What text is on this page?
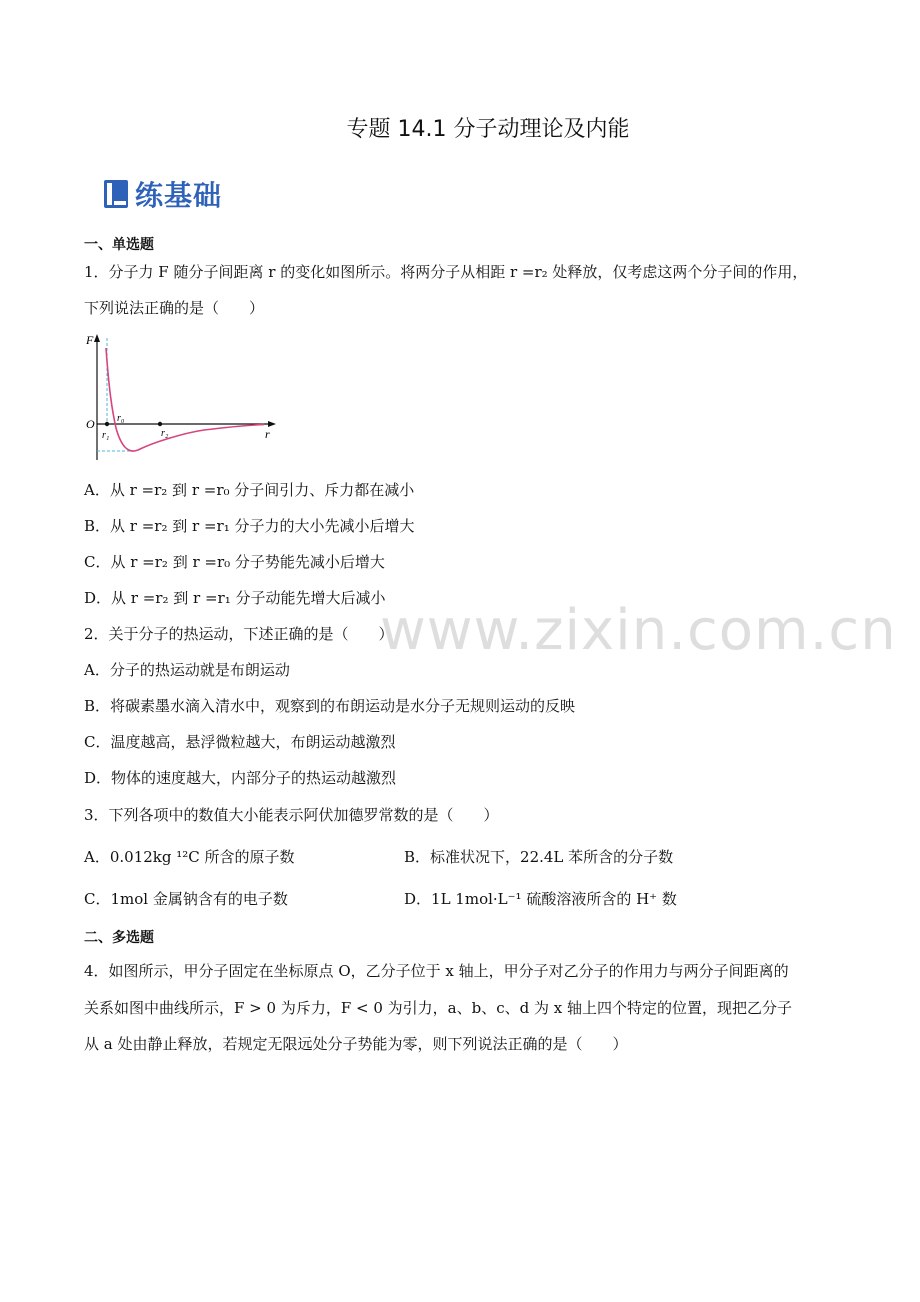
专题 14.1 分子动理论及内能
练基础
一、单选题
1．分子力 F 随分子间距离 r 的变化如图所示。将两分子从相距 r =r₂ 处释放，仅考虑这两个分子间的作用，
下列说法正确的是（　　）
F
O r₀
r₁	r₂	r
A．从 r =r₂ 到 r =r₀ 分子间引力、斥力都在减小
B．从 r =r₂ 到 r =r₁ 分子力的大小先减小后增大
C．从 r =r₂ 到 r =r₀ 分子势能先减小后增大
D．从 r =r₂ 到 r =r₁ 分子动能先增大后减小
2．关于分子的热运动，下述正确的是（　　）
A．分子的热运动就是布朗运动
B．将碳素墨水滴入清水中，观察到的布朗运动是水分子无规则运动的反映
C．温度越高，悬浮微粒越大，布朗运动越激烈
D．物体的速度越大，内部分子的热运动越激烈
3．下列各项中的数值大小能表示阿伏加德罗常数的是（　　）
A．0.012kg ¹²C 所含的原子数	B．标准状况下，22.4L 苯所含的分子数
C．1mol 金属钠含有的电子数	D．1L 1mol·L⁻¹ 硫酸溶液所含的 H⁺ 数
二、多选题
4．如图所示，甲分子固定在坐标原点 O，乙分子位于 x 轴上，甲分子对乙分子的作用力与两分子间距离的
关系如图中曲线所示，F > 0 为斥力，F < 0 为引力，a、b、c、d 为 x 轴上四个特定的位置，现把乙分子
从 a 处由静止释放，若规定无限远处分子势能为零，则下列说法正确的是（　　）
www.zixin.com.cn
